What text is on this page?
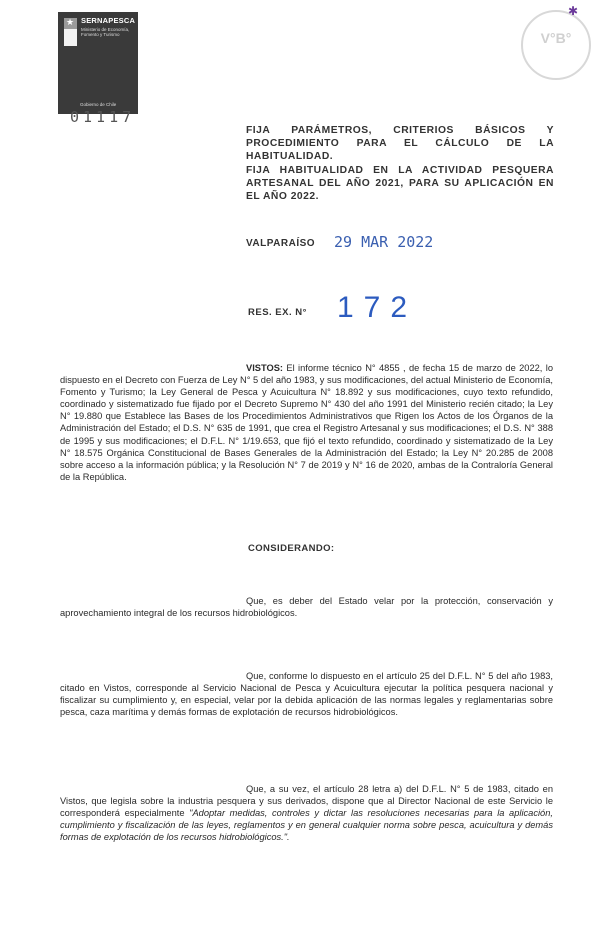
★ SERNAPESCA
Ministerio de Economía, Fomento y Turismo
Gobierno de Chile
01117
V°B°
✱

FIJA PARÁMETROS, CRITERIOS BÁSICOS Y PROCEDIMIENTO PARA EL CÁLCULO DE LA HABITUALIDAD.

FIJA HABITUALIDAD EN LA ACTIVIDAD PESQUERA ARTESANAL DEL AÑO 2021, PARA SU APLICACIÓN EN EL AÑO 2022.

VALPARAÍSO 29 MAR 2022
RES. EX. N° 172
VISTOS: El informe técnico N° 4855 , de fecha 15 de marzo de 2022, lo dispuesto en el Decreto con Fuerza de Ley N° 5 del año 1983, y sus modificaciones, del actual Ministerio de Economía, Fomento y Turismo; la Ley General de Pesca y Acuicultura N° 18.892 y sus modificaciones, cuyo texto refundido, coordinado y sistematizado fue fijado por el Decreto Supremo N° 430 del año 1991 del Ministerio recién citado; la Ley N° 19.880 que Establece las Bases de los Procedimientos Administrativos que Rigen los Actos de los Órganos de la Administración del Estado; el D.S. N° 635 de 1991, que crea el Registro Artesanal y sus modificaciones; el D.S. N° 388 de 1995 y sus modificaciones; el D.F.L. N° 1/19.653, que fijó el texto refundido, coordinado y sistematizado de la Ley N° 18.575 Orgánica Constitucional de Bases Generales de la Administración del Estado; la Ley N° 20.285 de 2008 sobre acceso a la información pública; y la Resolución N° 7 de 2019 y N° 16 de 2020, ambas de la Contraloría General de la República.
CONSIDERANDO:
Que, es deber del Estado velar por la protección, conservación y aprovechamiento integral de los recursos hidrobiológicos.
Que, conforme lo dispuesto en el artículo 25 del D.F.L. N° 5 del año 1983, citado en Vistos, corresponde al Servicio Nacional de Pesca y Acuicultura ejecutar la política pesquera nacional y fiscalizar su cumplimiento y, en especial, velar por la debida aplicación de las normas legales y reglamentarias sobre pesca, caza marítima y demás formas de explotación de recursos hidrobiológicos.
Que, a su vez, el artículo 28 letra a) del D.F.L. N° 5 de 1983, citado en Vistos, que legisla sobre la industria pesquera y sus derivados, dispone que al Director Nacional de este Servicio le corresponderá especialmente "Adoptar medidas, controles y dictar las resoluciones necesarias para la aplicación, cumplimiento y fiscalización de las leyes, reglamentos y en general cualquier norma sobre pesca, acuicultura y demás formas de explotación de los recursos hidrobiológicos.".
